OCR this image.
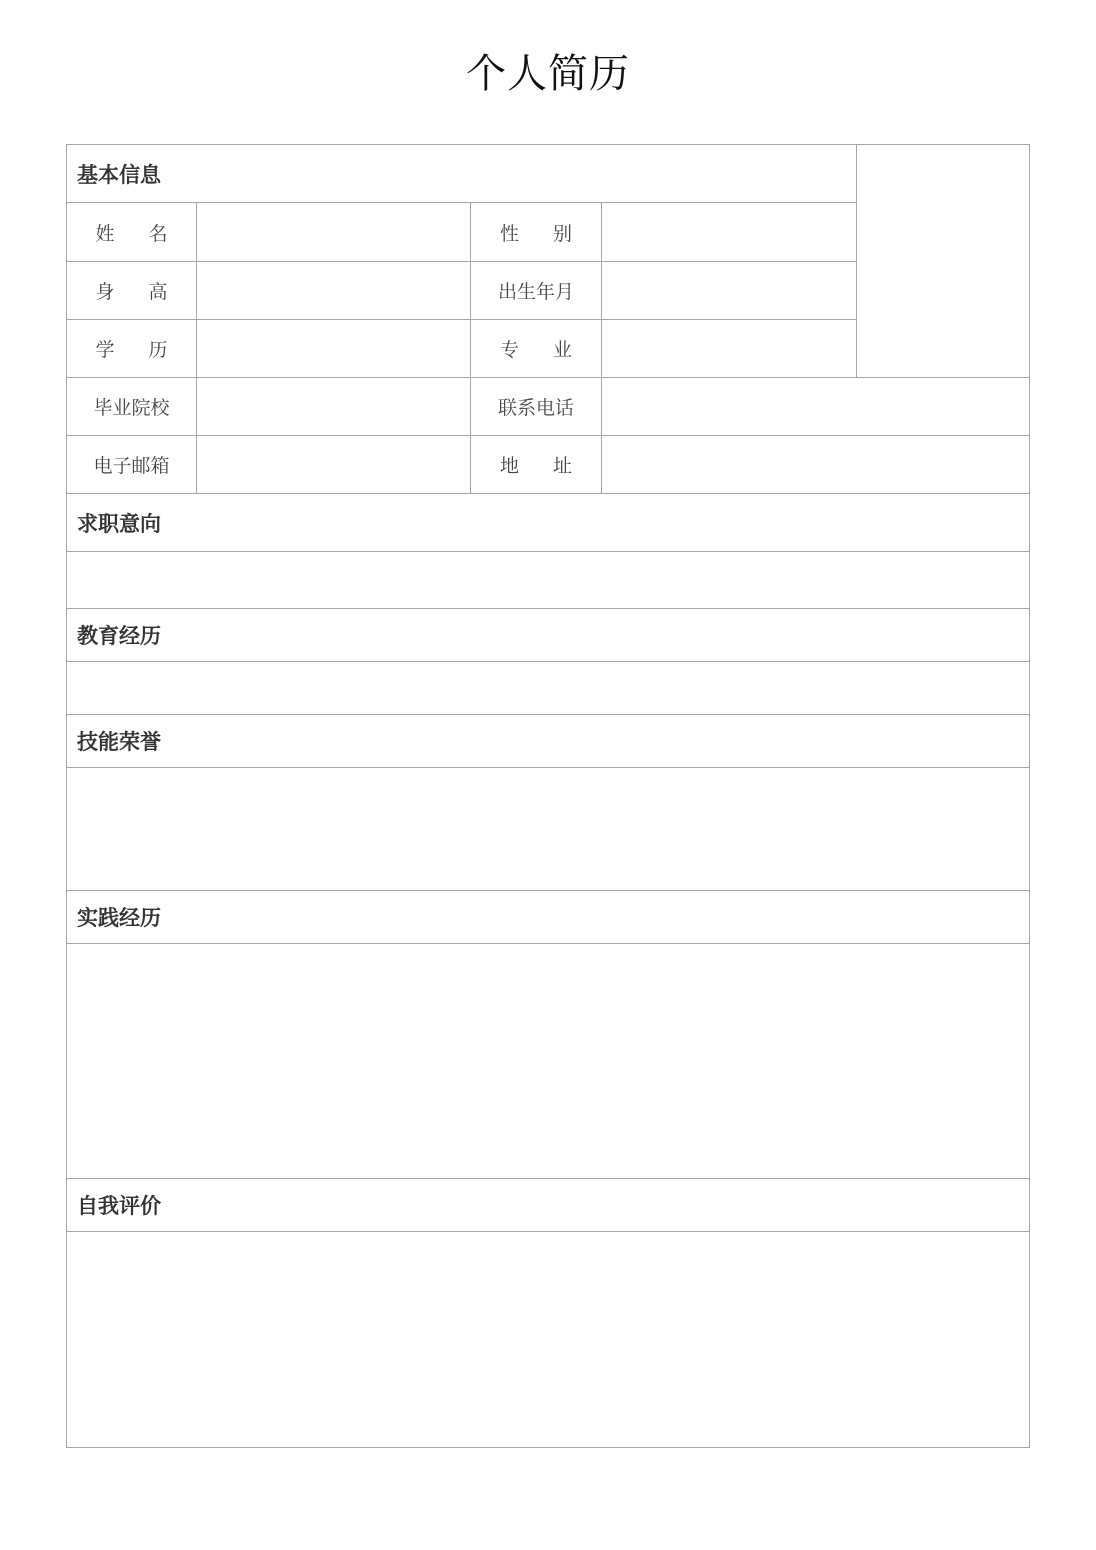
个人简历
基本信息				

姓 名		性 别		

身 高		出生年月		

学 历		专 业		

毕业院校		联系电话		

电子邮箱		地 址		

求职意向				

教育经历				

技能荣誉				

实践经历				

自我评价				
